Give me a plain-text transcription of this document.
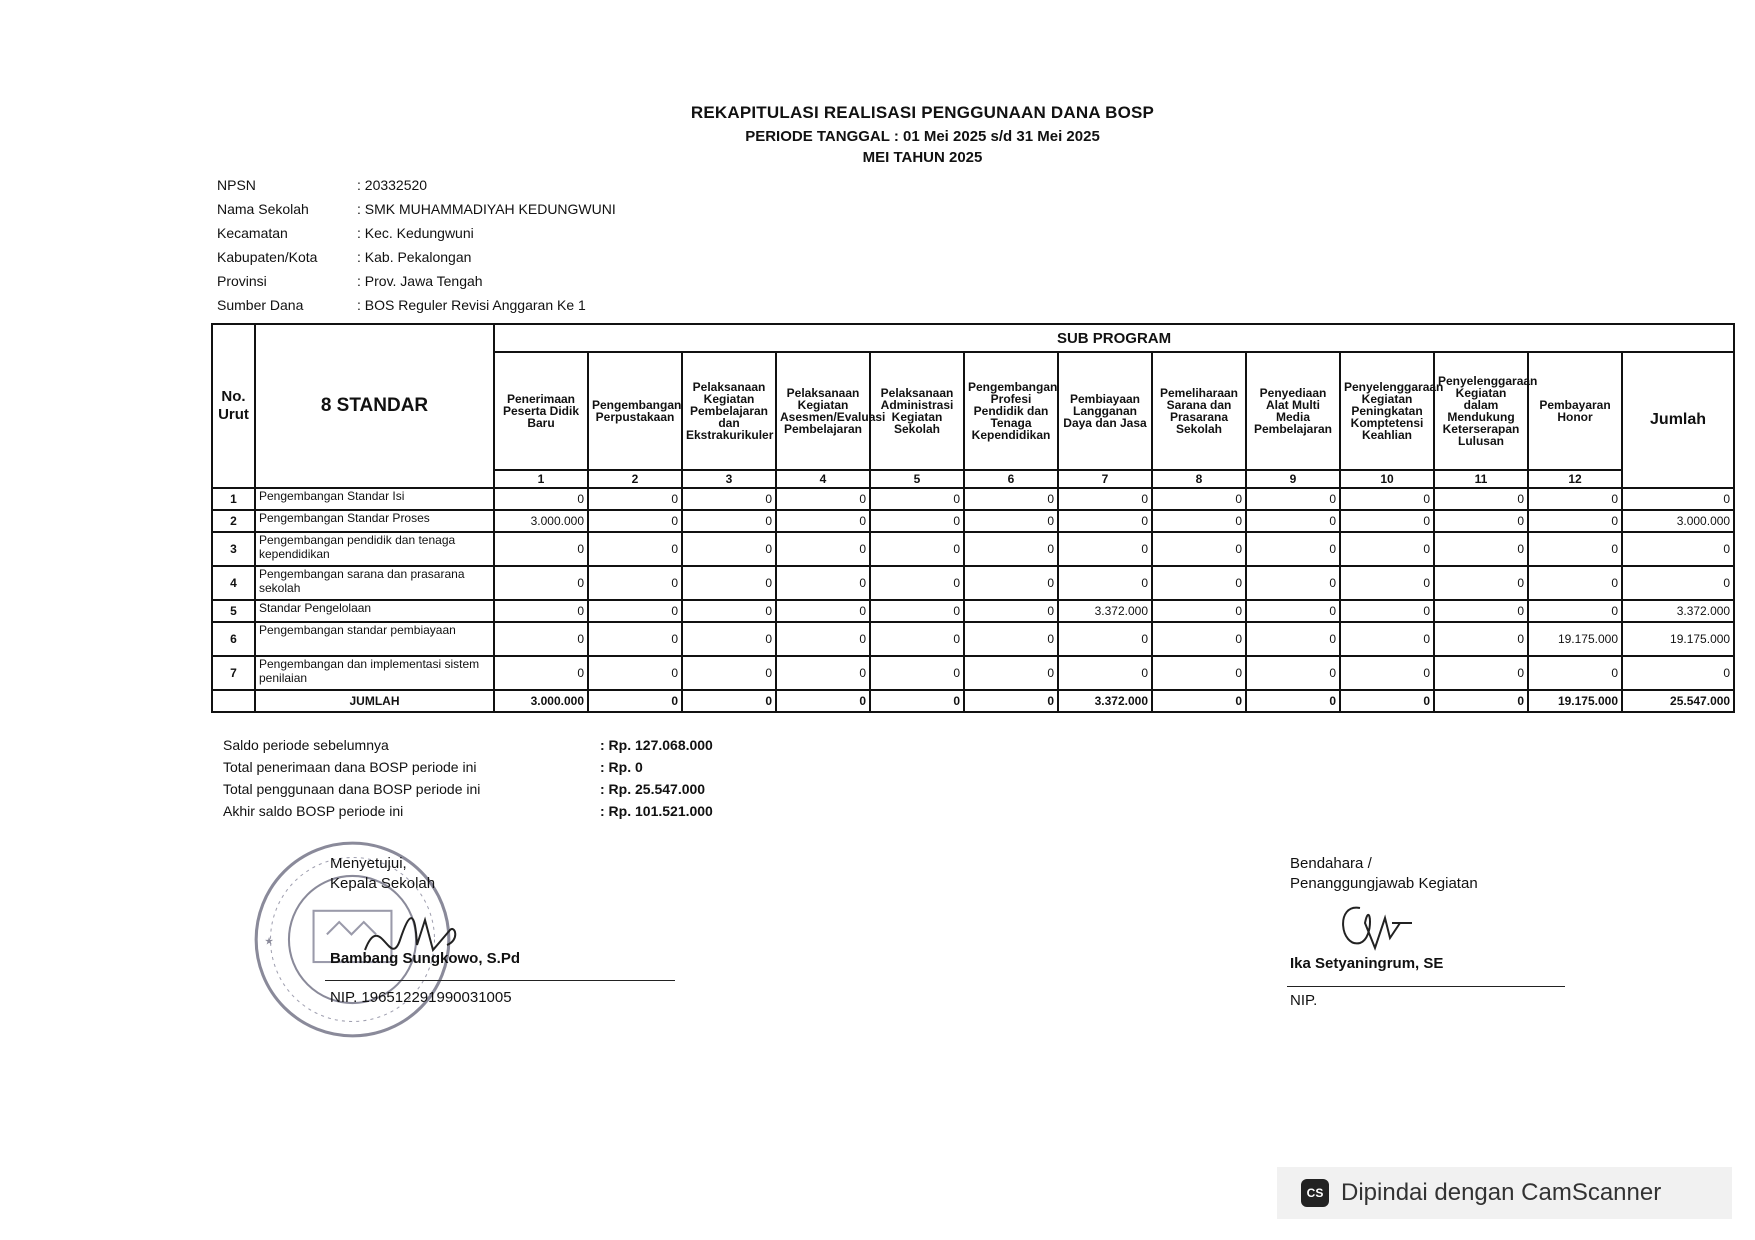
REKAPITULASI REALISASI PENGGUNAAN DANA BOSP
PERIODE TANGGAL : 01 Mei 2025 s/d 31 Mei 2025
MEI TAHUN 2025
NPSN	: 20332520
Nama Sekolah	: SMK MUHAMMADIYAH KEDUNGWUNI
Kecamatan	: Kec. Kedungwuni
Kabupaten/Kota	: Kab. Pekalongan
Provinsi	: Prov. Jawa Tengah
Sumber Dana	: BOS Reguler Revisi Anggaran Ke 1
No. Urut	8 STANDAR	SUB PROGRAM												
		Penerimaan Peserta Didik Baru	Pengembangan Perpustakaan	Pelaksanaan Kegiatan Pembelajaran dan Ekstrakurikuler	Pelaksanaan Kegiatan Asesmen/Evaluasi Pembelajaran	Pelaksanaan Administrasi Kegiatan Sekolah	Pengembangan Profesi Pendidik dan Tenaga Kependidikan	Pembiayaan Langganan Daya dan Jasa	Pemeliharaan Sarana dan Prasarana Sekolah	Penyediaan Alat Multi Media Pembelajaran	Penyelenggaraan Kegiatan Peningkatan Komptetensi Keahlian	Penyelenggaraan Kegiatan dalam Mendukung Keterserapan Lulusan	Pembayaran Honor	Jumlah
		1	2	3	4	5	6	7	8	9	10	11	12	
1	Pengembangan Standar Isi	0	0	0	0	0	0	0	0	0	0	0	0	0
2	Pengembangan Standar Proses	3.000.000	0	0	0	0	0	0	0	0	0	0	0	3.000.000
3	Pengembangan pendidik dan tenaga kependidikan	0	0	0	0	0	0	0	0	0	0	0	0	0
4	Pengembangan sarana dan prasarana sekolah	0	0	0	0	0	0	0	0	0	0	0	0	0
5	Standar Pengelolaan	0	0	0	0	0	0	3.372.000	0	0	0	0	0	3.372.000
6	Pengembangan standar pembiayaan	0	0	0	0	0	0	0	0	0	0	0	19.175.000	19.175.000
7	Pengembangan dan implementasi sistem penilaian	0	0	0	0	0	0	0	0	0	0	0	0	0
	JUMLAH	3.000.000	0	0	0	0	0	3.372.000	0	0	0	0	19.175.000	25.547.000
Saldo periode sebelumnya	: Rp. 127.068.000
Total penerimaan dana BOSP periode ini	: Rp. 0
Total penggunaan dana BOSP periode ini	: Rp. 25.547.000
Akhir saldo BOSP periode ini	: Rp. 101.521.000
★
Menyetujui,
Kepala Sekolah
Bambang Sungkowo, S.Pd
NIP. 196512291990031005
Bendahara /
Penanggungjawab Kegiatan
Ika Setyaningrum, SE
NIP.
CS Dipindai dengan CamScanner
